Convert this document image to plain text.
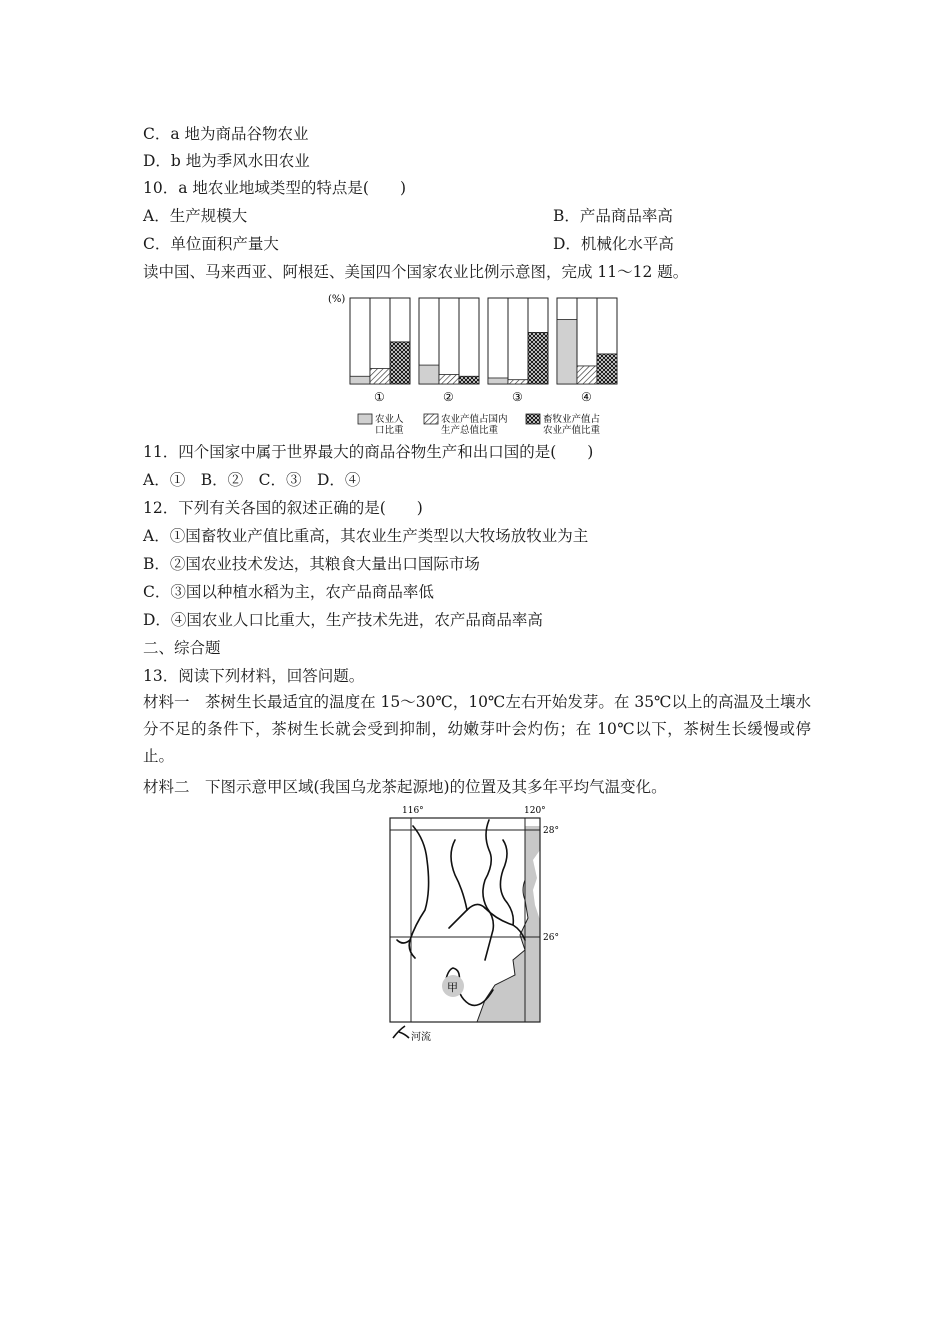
C．a 地为商品谷物农业
D．b 地为季风水田农业
10．a 地农业地域类型的特点是(　　)
A．生产规模大	B．产品商品率高
C．单位面积产量大	D．机械化水平高
读中国、马来西亚、阿根廷、美国四个国家农业比例示意图，完成 11～12 题。
(%)
①	②	③	④
农业人
口比重
农业产值占国内
生产总值比重
畜牧业产值占
农业产值比重
11．四个国家中属于世界最大的商品谷物生产和出口国的是(　　)
A．①　B．②　C．③　D．④
12．下列有关各国的叙述正确的是(　　)
A．①国畜牧业产值比重高，其农业生产类型以大牧场放牧业为主
B．②国农业技术发达，其粮食大量出口国际市场
C．③国以种植水稻为主，农产品商品率低
D．④国农业人口比重大，生产技术先进，农产品商品率高
二、综合题
13．阅读下列材料，回答问题。
材料一　茶树生长最适宜的温度在 15～30℃，10℃左右开始发芽。在 35℃以上的高温及土壤水分不足的条件下，茶树生长就会受到抑制，幼嫩芽叶会灼伤；在 10℃以下，茶树生长缓慢或停止。
材料二　下图示意甲区域(我国乌龙茶起源地)的位置及其多年平均气温变化。
甲
116°	120°
28°
26°
河流
